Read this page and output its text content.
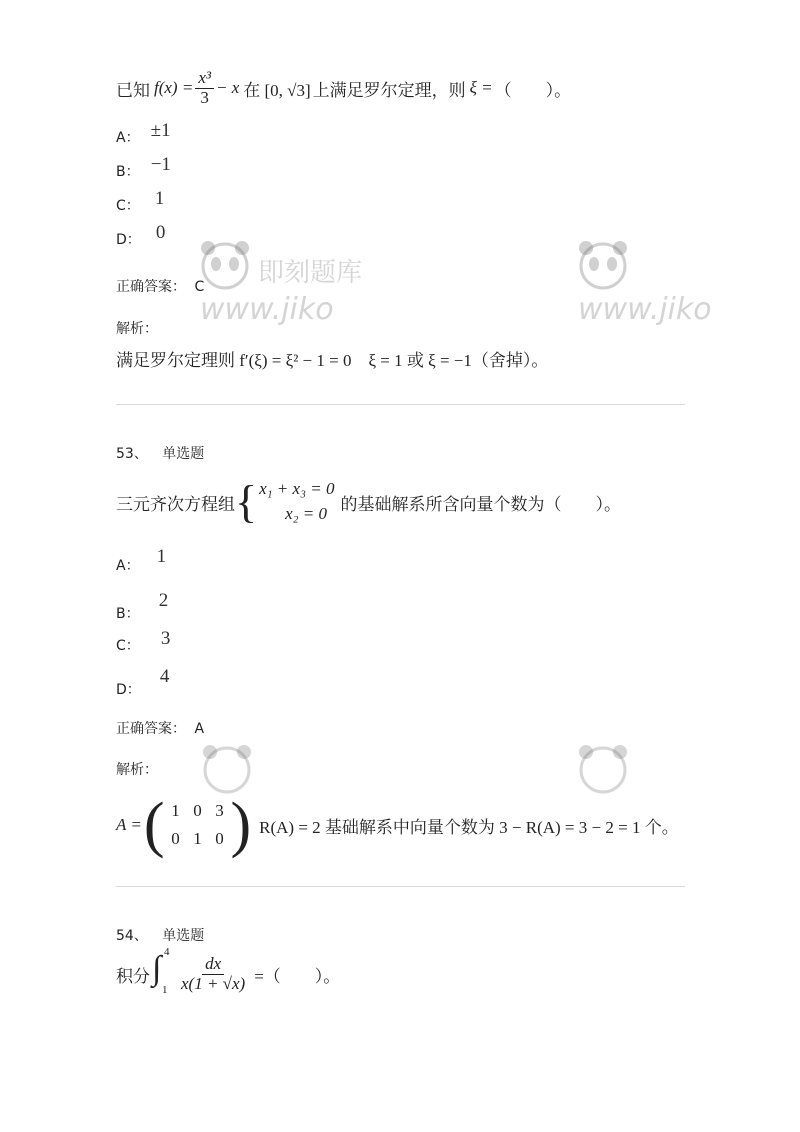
已知 $f(x) = \frac{\text{x³}}{3} - x$ 在 [0, √3] 上满足罗尔定理，则 ξ = （　　）。
A： ±1
B： −1
C： 1
D： 0
正确答案： C
解析：
满足罗尔定理则 f′(ξ) = ξ² − 1 = 0　ξ = 1 或 ξ = −1（舍掉）。
53、 单选题
三元齐次方程组 { x₁ + x₃ = 0
x₂ = 0 的基础解系所含向量个数为（　　）。
A： 1
B： 2
C： 3
D： 4
正确答案： A
解析：
A = ( 1 0 3
0 1 0 ) R(A) = 2 基础解系中向量个数为 3 − R(A) = 3 − 2 = 1 个。
54、 单选题
积分 ∫ 4
$1 \frac{dx}{x(1 + √x)}$ =（　　）。
即刻题库
www.jiko	www.jiko
